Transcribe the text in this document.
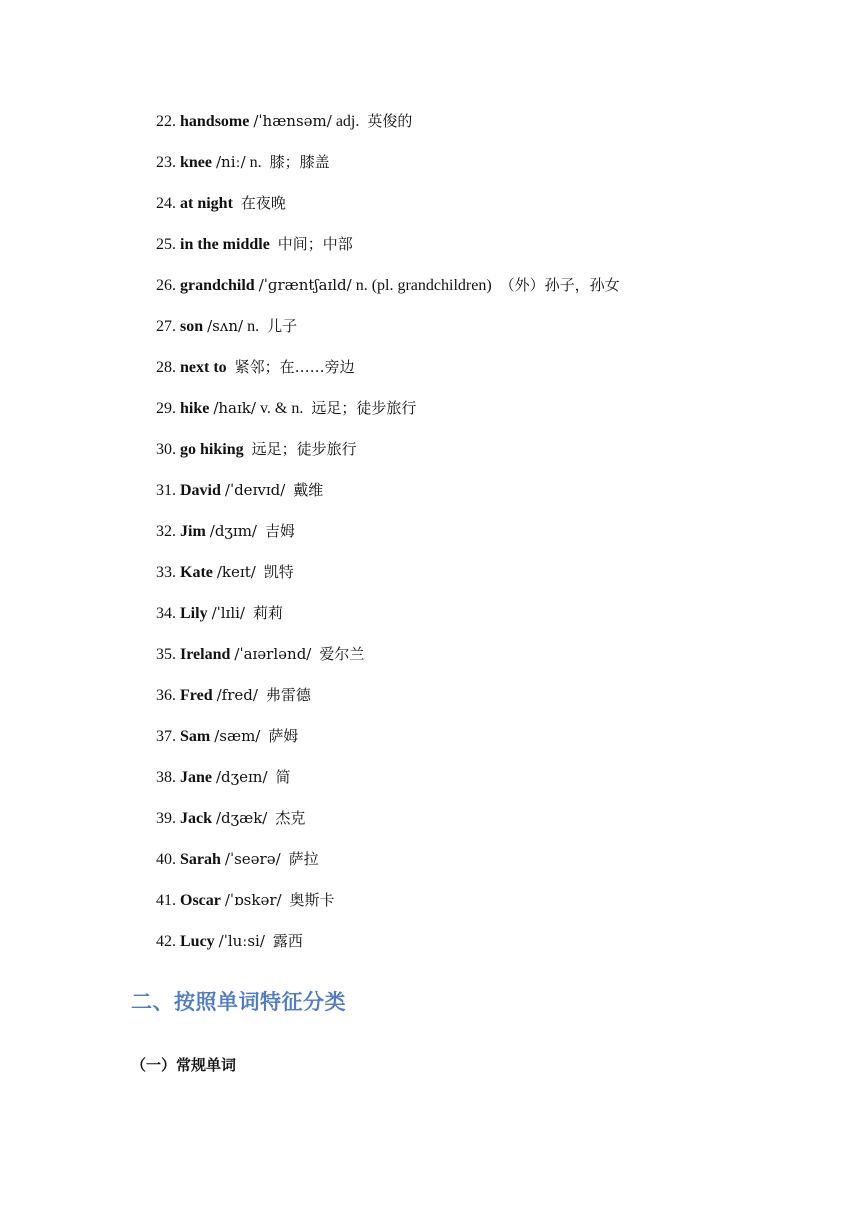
22. handsome /ˈhænsəm/ adj. 英俊的
23. knee /niː/ n. 膝；膝盖
24. at night 在夜晚
25. in the middle 中间；中部
26. grandchild /ˈɡræntʃaɪld/ n. (pl. grandchildren) （外）孙子，孙女
27. son /sʌn/ n. 儿子
28. next to 紧邻；在……旁边
29. hike /haɪk/ v. & n. 远足；徒步旅行
30. go hiking 远足；徒步旅行
31. David /ˈdeɪvɪd/ 戴维
32. Jim /dʒɪm/ 吉姆
33. Kate /keɪt/ 凯特
34. Lily /ˈlɪli/ 莉莉
35. Ireland /ˈaɪərlənd/ 爱尔兰
36. Fred /fred/ 弗雷德
37. Sam /sæm/ 萨姆
38. Jane /dʒeɪn/ 简
39. Jack /dʒæk/ 杰克
40. Sarah /ˈseərə/ 萨拉
41. Oscar /ˈɒskər/ 奥斯卡
42. Lucy /ˈluːsi/ 露西
二、按照单词特征分类
（一）常规单词
